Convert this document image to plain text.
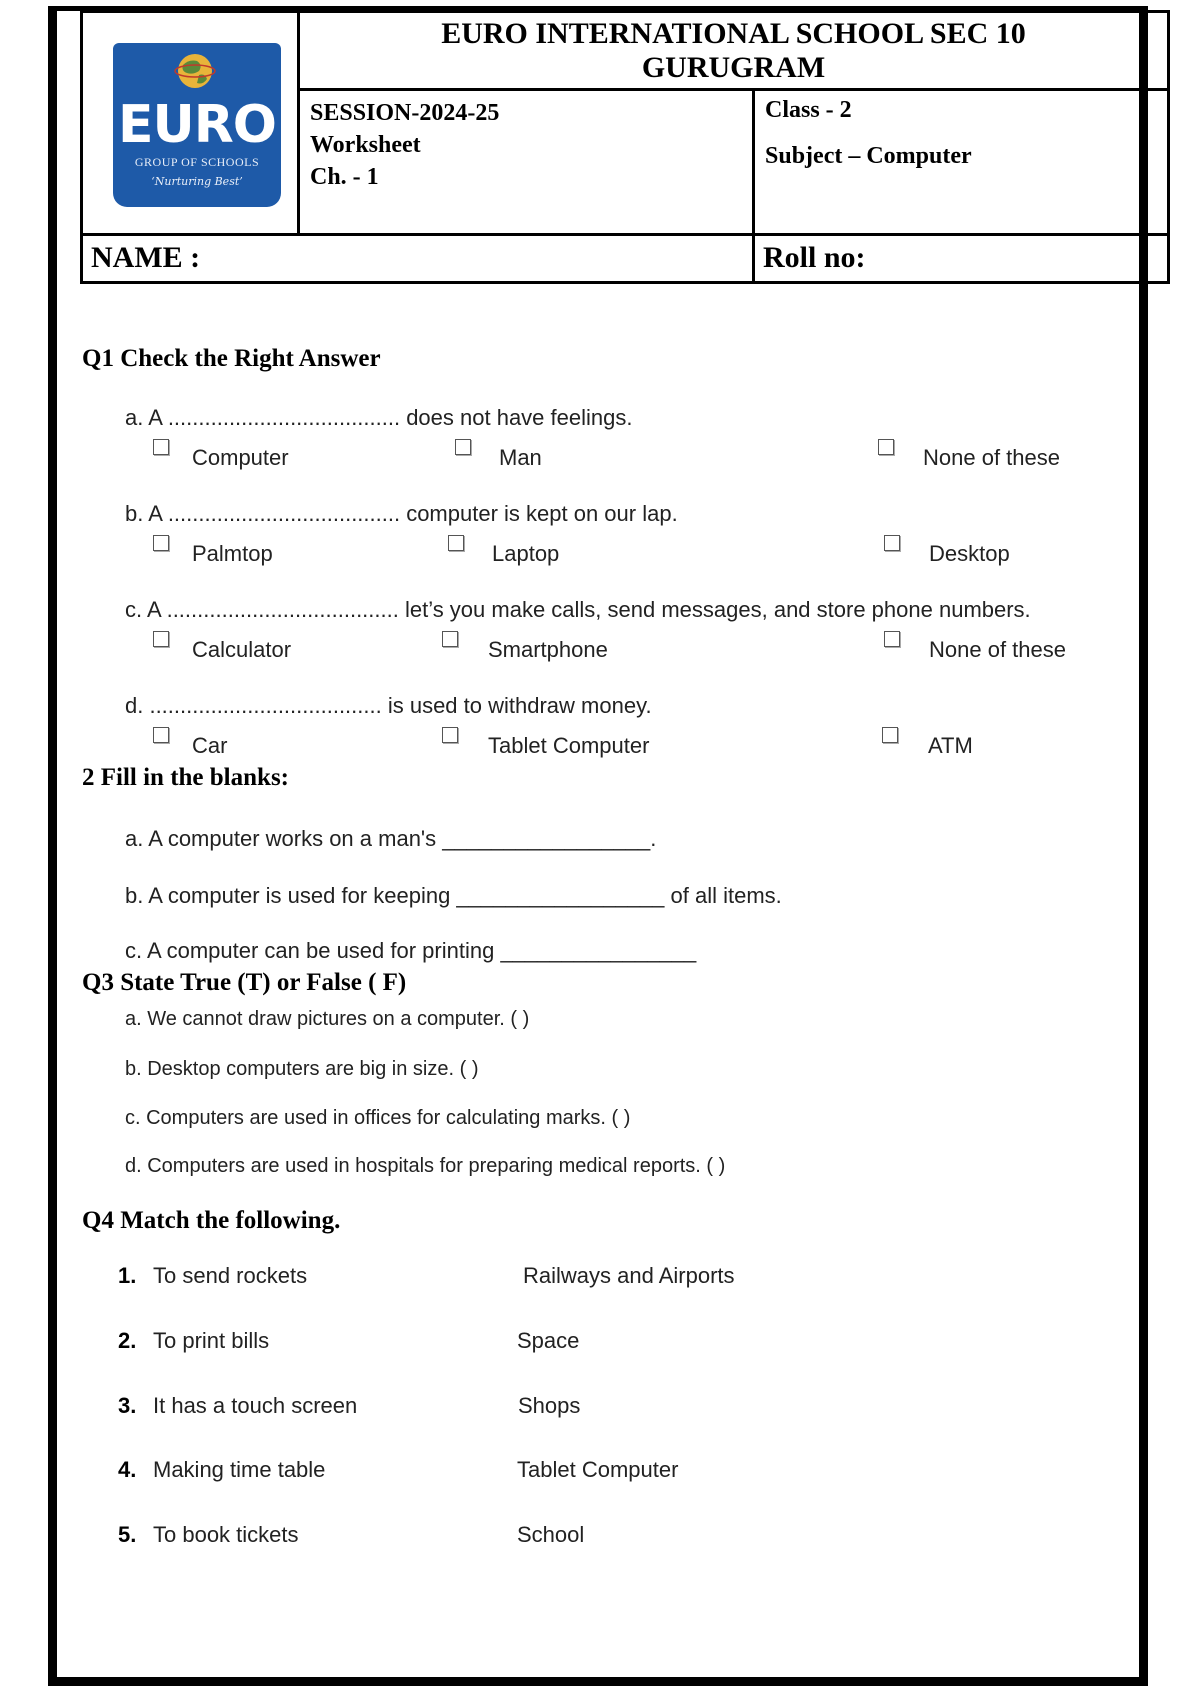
EURO
GROUP OF SCHOOLS
‘Nurturing Best’
EURO INTERNATIONAL SCHOOL SEC 10
GURUGRAM
SESSION-2024-25
Worksheet
Ch. - 1
Class - 2
Subject – Computer
NAME :	Roll no:
Q1 Check the Right Answer
a. A ...................................... does not have feelings.
Computer	Man	None of these
b. A ...................................... computer is kept on our lap.
Palmtop	Laptop	Desktop
c. A ...................................... let’s you make calls, send messages, and store phone numbers.
Calculator	Smartphone	None of these
d. ...................................... is used to withdraw money.
Car	Tablet Computer	ATM
2 Fill in the blanks:
a. A computer works on a man's _________________.
b. A computer is used for keeping _________________ of all items.
c. A computer can be used for printing ________________
Q3 State True (T) or False ( F)
a. We cannot draw pictures on a computer. ( )
b. Desktop computers are big in size. ( )
c. Computers are used in offices for calculating marks. ( )
d. Computers are used in hospitals for preparing medical reports. ( )
Q4 Match the following.
1. To send rockets	Railways and Airports
2. To print bills	Space
3. It has a touch screen	Shops
4. Making time table	Tablet Computer
5. To book tickets	School
